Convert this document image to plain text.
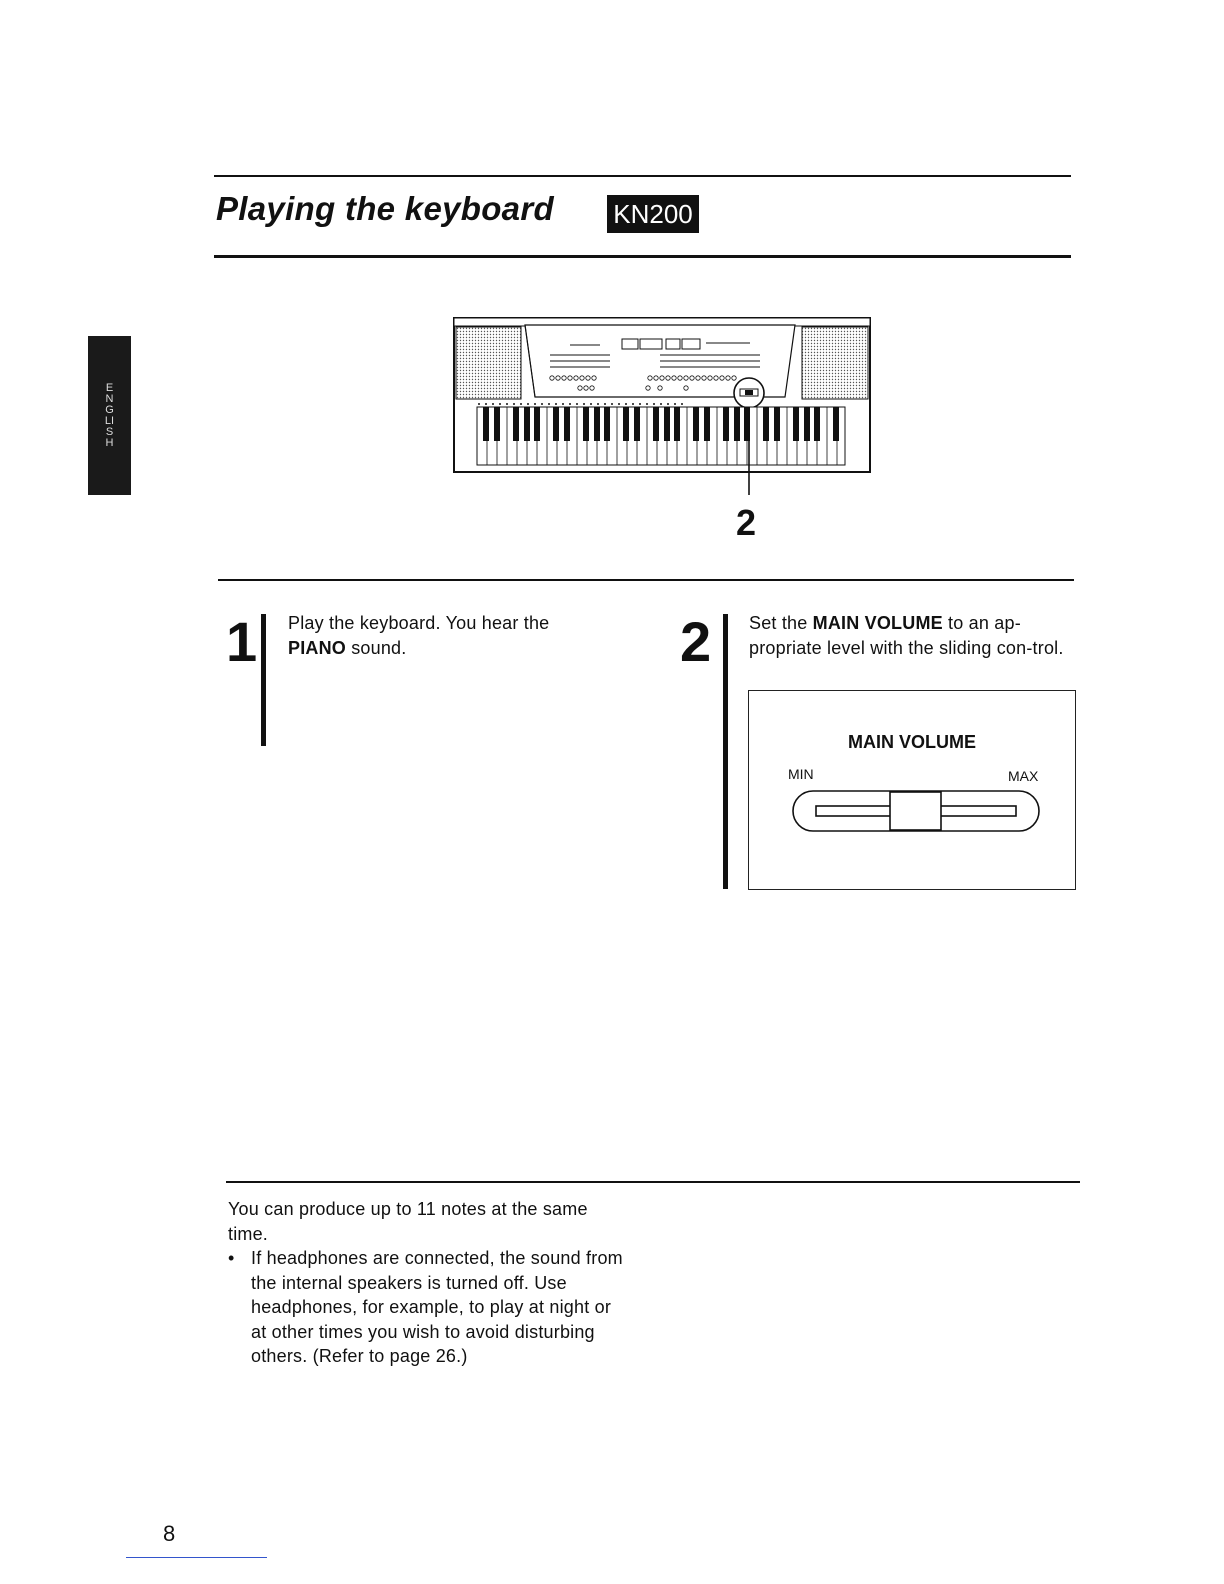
Playing the keyboard KN200
ENGLISH
2
1 Play the keyboard. You hear the PIANO sound.	2 Set the MAIN VOLUME to an ap-propriate level with the sliding con-trol.
MAIN VOLUME
MIN	MAX
You can produce up to 11 notes at the same time.
• If headphones are connected, the sound from the internal speakers is turned off. Use headphones, for example, to play at night or at other times you wish to avoid disturbing others. (Refer to page 26.)
8
